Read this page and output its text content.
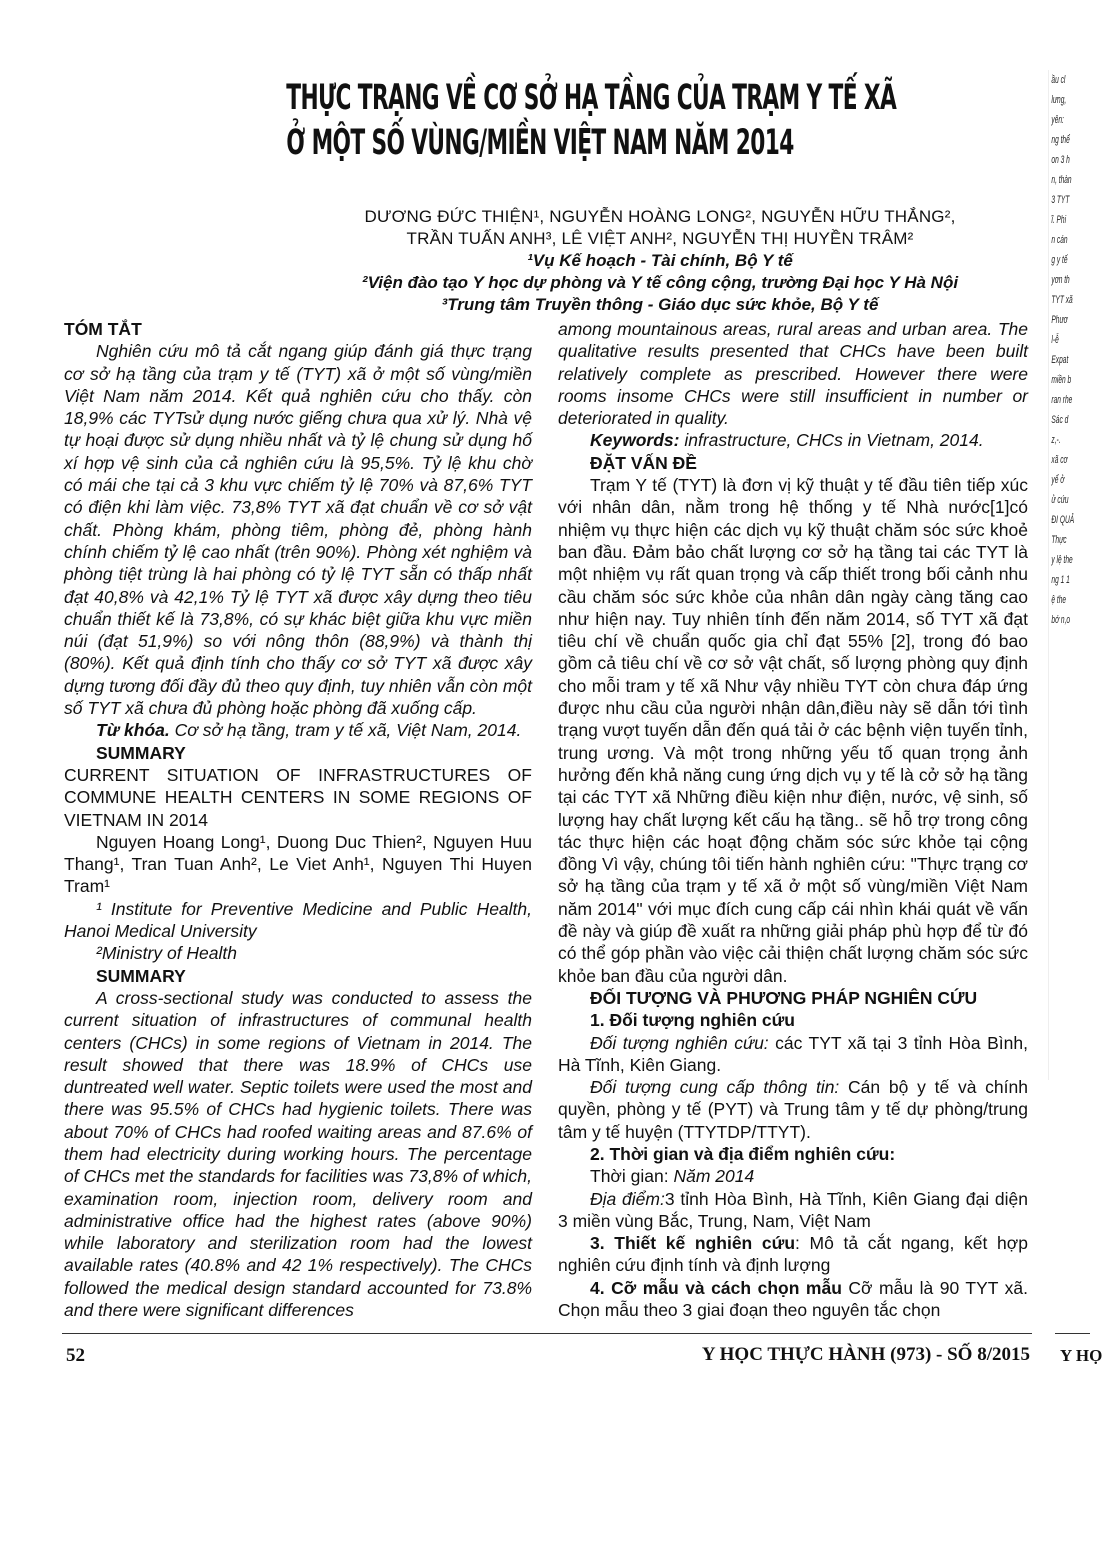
THỰC TRẠNG VỀ CƠ SỞ HẠ TẦNG CỦA TRẠM Y TẾ XÃ
Ở MỘT SỐ VÙNG/MIỀN VIỆT NAM NĂM 2014
DƯƠNG ĐỨC THIỆN¹, NGUYỄN HOÀNG LONG², NGUYỄN HỮU THẮNG²,
TRẦN TUẤN ANH³, LÊ VIỆT ANH², NGUYỄN THỊ HUYỀN TRÂM²
¹Vụ Kế hoạch - Tài chính, Bộ Y tế
²Viện đào tạo Y học dự phòng và Y tế công cộng, trường Đại học Y Hà Nội
³Trung tâm Truyền thông - Giáo dục sức khỏe, Bộ Y tế

TÓM TẮT

Nghiên cứu mô tả cắt ngang giúp đánh giá thực trạng cơ sở hạ tầng của trạm y tế (TYT) xã ở một số vùng/miền Việt Nam năm 2014. Kết quả nghiên cứu cho thấy. còn 18,9% các TYTsử dụng nước giếng chưa qua xử lý. Nhà vệ tự hoại được sử dụng nhiều nhất và tỷ lệ chung sử dụng hố xí hợp vệ sinh của cả nghiên cứu là 95,5%. Tỷ lệ khu chờ có mái che tại cả 3 khu vực chiếm tỷ lệ 70% và 87,6% TYT có điện khi làm việc. 73,8% TYT xã đạt chuẩn về cơ sở vật chất. Phòng khám, phòng tiêm, phòng đẻ, phòng hành chính chiếm tỷ lệ cao nhất (trên 90%). Phòng xét nghiệm và phòng tiệt trùng là hai phòng có tỷ lệ TYT sẵn có thấp nhất đạt 40,8% và 42,1% Tỷ lệ TYT xã được xây dựng theo tiêu chuẩn thiết kế là 73,8%, có sự khác biệt giữa khu vực miền núi (đạt 51,9%) so với nông thôn (88,9%) và thành thị (80%). Kết quả định tính cho thấy cơ sở TYT xã được xây dựng tương đối đầy đủ theo quy định, tuy nhiên vẫn còn một số TYT xã chưa đủ phòng hoặc phòng đã xuống cấp.

Từ khóa. Cơ sở hạ tầng, tram y tế xã, Việt Nam, 2014.

SUMMARY

CURRENT SITUATION OF INFRASTRUCTURES OF COMMUNE HEALTH CENTERS IN SOME REGIONS OF VIETNAM IN 2014

Nguyen Hoang Long¹, Duong Duc Thien², Nguyen Huu Thang¹, Tran Tuan Anh², Le Viet Anh¹, Nguyen Thi Huyen Tram¹

¹ Institute for Preventive Medicine and Public Health, Hanoi Medical University

²Ministry of Health

SUMMARY

A cross-sectional study was conducted to assess the current situation of infrastructures of communal health centers (CHCs) in some regions of Vietnam in 2014. The result showed that there was 18.9% of CHCs use duntreated well water. Septic toilets were used the most and there was 95.5% of CHCs had hygienic toilets. There was about 70% of CHCs had roofed waiting areas and 87.6% of them had electricity during working hours. The percentage of CHCs met the standards for facilities was 73,8% of which, examination room, injection room, delivery room and administrative office had the highest rates (above 90%) while laboratory and sterilization room had the lowest available rates (40.8% and 42 1% respectively). The CHCs followed the medical design standard accounted for 73.8% and there were significant differences

among mountainous areas, rural areas and urban area. The qualitative results presented that CHCs have been built relatively complete as prescribed. However there were rooms insome CHCs were still insufficient in number or deteriorated in quality.

Keywords: infrastructure, CHCs in Vietnam, 2014.

ĐẶT VẤN ĐỀ

Trạm Y tế (TYT) là đơn vị kỹ thuật y tế đầu tiên tiếp xúc với nhân dân, nằm trong hệ thống y tế Nhà nước[1]có nhiệm vụ thực hiện các dịch vụ kỹ thuật chăm sóc sức khoẻ ban đầu. Đảm bảo chất lượng cơ sở hạ tầng tai các TYT là một nhiệm vụ rất quan trọng và cấp thiết trong bối cảnh nhu cầu chăm sóc sức khỏe của nhân dân ngày càng tăng cao như hiện nay. Tuy nhiên tính đến năm 2014, số TYT xã đạt tiêu chí về chuẩn quốc gia chỉ đạt 55% [2], trong đó bao gồm cả tiêu chí về cơ sở vật chất, số lượng phòng quy định cho mỗi tram y tế xã Như vậy nhiều TYT còn chưa đáp ứng được nhu cầu của người nhận dân,điều này sẽ dẫn tới tình trạng vượt tuyến dẫn đến quá tải ở các bệnh viện tuyến tỉnh, trung ương. Và một trong những yếu tố quan trọng ảnh hưởng đến khả năng cung ứng dịch vụ y tế là cở sở hạ tầng tại các TYT xã Những điều kiện như điện, nước, vệ sinh, số lượng hay chất lượng kết cấu hạ tầng.. sẽ hỗ trợ trong công tác thực hiện các hoạt động chăm sóc sức khỏe tại cộng đồng Vì vậy, chúng tôi tiến hành nghiên cứu: "Thực trạng cơ sở hạ tầng của trạm y tế xã ở một số vùng/miền Việt Nam năm 2014" với mục đích cung cấp cái nhìn khái quát về vấn đề này và giúp đề xuất ra những giải pháp phù hợp để từ đó có thể góp phần vào việc cải thiện chất lượng chăm sóc sức khỏe ban đầu của người dân.

ĐỐI TƯỢNG VÀ PHƯƠNG PHÁP NGHIÊN CỨU

1. Đối tượng nghiên cứu

Đối tượng nghiên cứu: các TYT xã tại 3 tỉnh Hòa Bình, Hà Tĩnh, Kiên Giang.

Đối tượng cung cấp thông tin: Cán bộ y tế và chính quyền, phòng y tế (PYT) và Trung tâm y tế dự phòng/trung tâm y tế huyện (TTYTDP/TTYT).

2. Thời gian và địa điểm nghiên cứu:

Thời gian: Năm 2014

Địa điểm:3 tỉnh Hòa Bình, Hà Tĩnh, Kiên Giang đại diện 3 miền vùng Bắc, Trung, Nam, Việt Nam

3. Thiết kế nghiên cứu: Mô tả cắt ngang, kết hợp nghiên cứu định tính và định lượng

4. Cỡ mẫu và cách chọn mẫu Cỡ mẫu là 90 TYT xã. Chọn mẫu theo 3 giai đoạn theo nguyên tắc chọn

ầu cl
lưng,
yên:
ng thể
on 3 h
n, thàn
3 TYT
ĩ. Phi
n cán
g y tế
yơn th
TYT xã
Phươ
l-ễ
Expat
miền b
ran rhe
Sác d
z,-.
xã cơ
yể ở
ử cứu
ĐI QUẢ
Thực
y lệ the
ng 1 1
ệ the
bớ n,o
52	Y HỌC THỰC HÀNH (973) - SỐ 8/2015 Y HỌ
